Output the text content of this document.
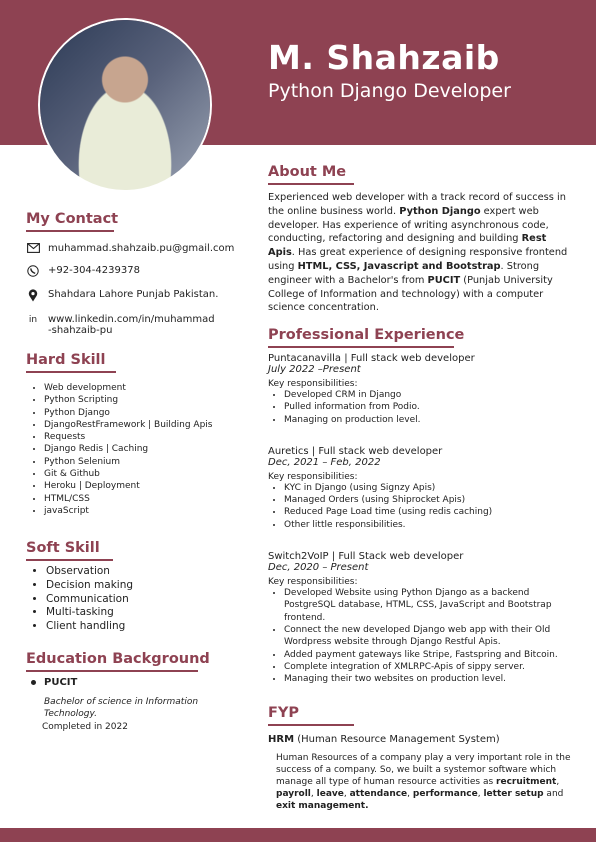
M. Shahzaib
Python Django Developer
My Contact
muhammad.shahzaib.pu@gmail.com
+92-304-4239378
Shahdara Lahore Punjab Pakistan.
in www.linkedin.com/in/muhammad
-shahzaib-pu
Hard Skill
• Web development
• Python Scripting
• Python Django
• DjangoRestFramework | Building Apis
• Requests
• Django Redis | Caching
• Python Selenium
• Git & Github
• Heroku | Deployment
• HTML/CSS
• javaScript
Soft Skill
• Observation
• Decision making
• Communication
• Multi-tasking
• Client handling
Education Background
PUCIT
Bachelor of science in Information Technology.
Completed in 2022
About Me
Experienced web developer with a track record of success in the online business world. Python Django expert web developer. Has experience of writing asynchronous code, conducting, refactoring and designing and building Rest Apis. Has great experience of designing responsive frontend using HTML, CSS, Javascript and Bootstrap. Strong engineer with a Bachelor's from PUCIT (Punjab University College of Information and technology) with a computer science concentration.
Professional Experience
Puntacanavilla | Full stack web developer
July 2022 –Present
Key responsibilities:
• Developed CRM in Django
• Pulled information from Podio.
• Managing on production level.
Auretics | Full stack web developer
Dec, 2021 – Feb, 2022
Key responsibilities:
• KYC in Django (using Signzy Apis)
• Managed Orders (using Shiprocket Apis)
• Reduced Page Load time (using redis caching)
• Other little responsibilities.
Switch2VoIP | Full Stack web developer
Dec, 2020 – Present
Key responsibilities:
• Developed Website using Python Django as a backend PostgreSQL database, HTML, CSS, JavaScript and Bootstrap frontend.
• Connect the new developed Django web app with their Old Wordpress website through Django Restful Apis.
• Added payment gateways like Stripe, Fastspring and Bitcoin.
• Complete integration of XMLRPC-Apis of sippy server.
• Managing their two websites on production level.
FYP
HRM (Human Resource Management System)
Human Resources of a company play a very important role in the success of a company. So, we built a systemor software which manage all type of human resource activities as recruitment, payroll, leave, attendance, performance, letter setup and exit management.
